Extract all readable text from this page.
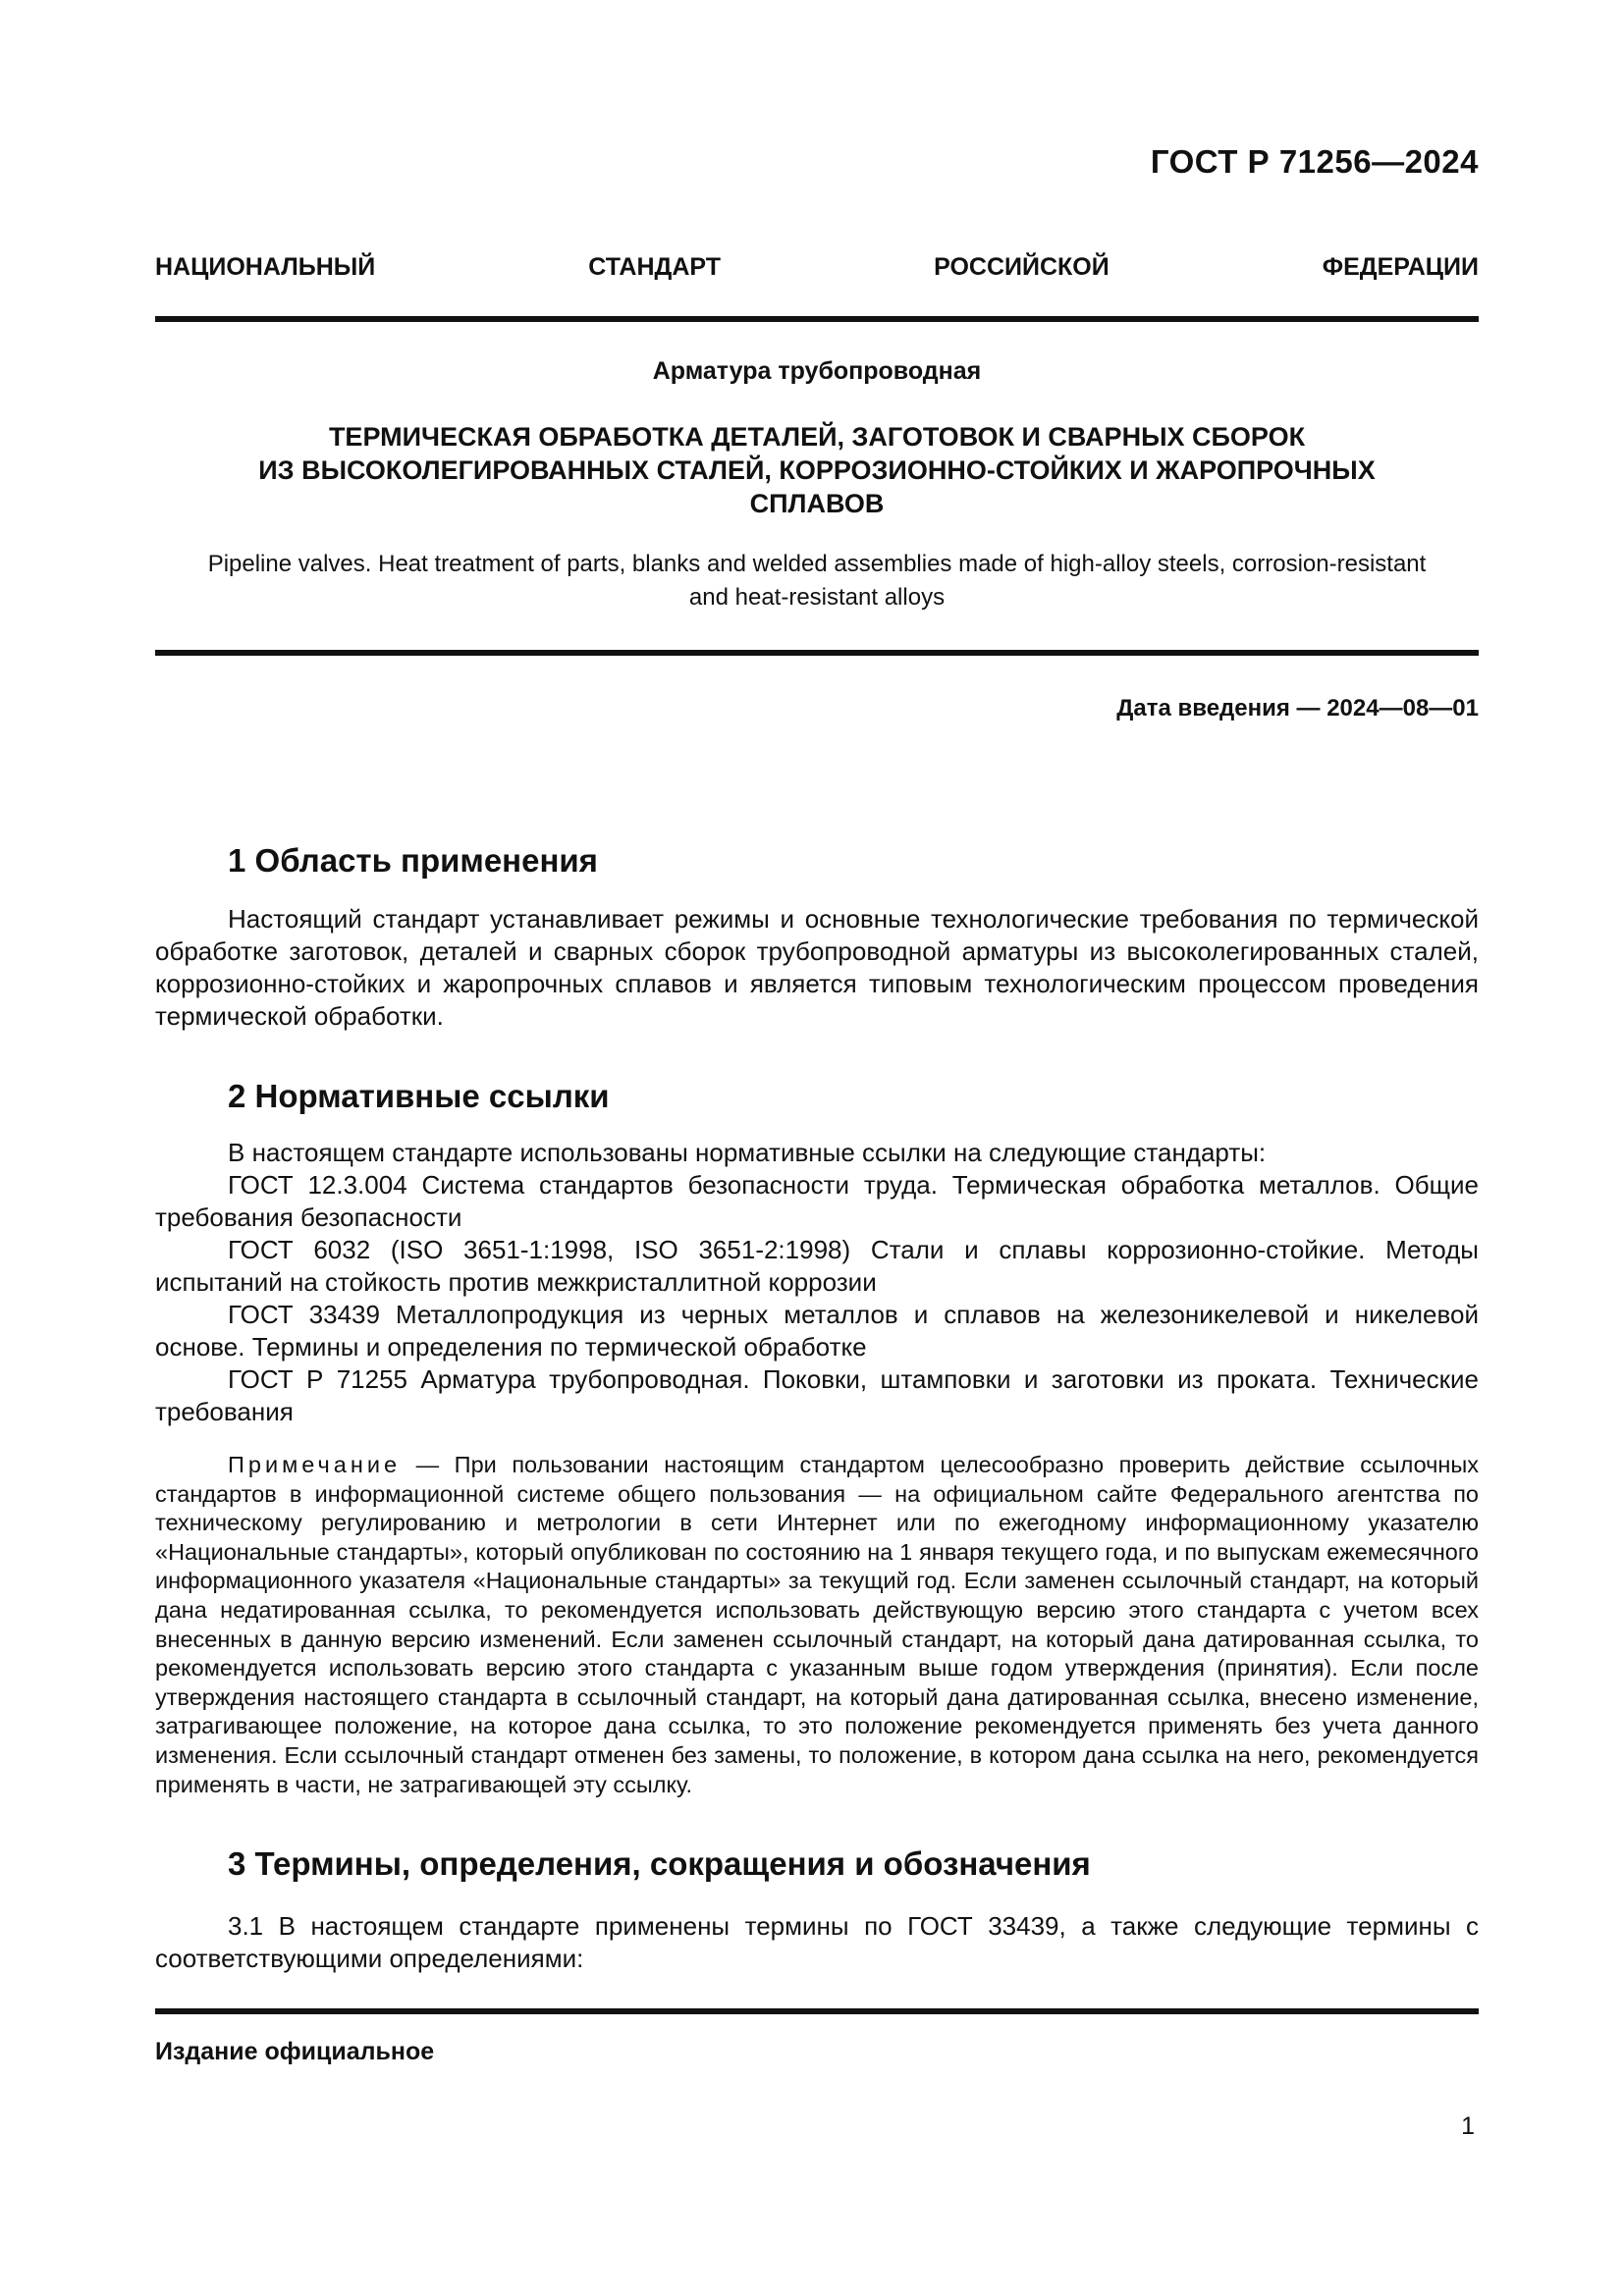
ГОСТ Р 71256—2024
НАЦИОНАЛЬНЫЙ СТАНДАРТ РОССИЙСКОЙ ФЕДЕРАЦИИ
Арматура трубопроводная
ТЕРМИЧЕСКАЯ ОБРАБОТКА ДЕТАЛЕЙ, ЗАГОТОВОК И СВАРНЫХ СБОРОК
ИЗ ВЫСОКОЛЕГИРОВАННЫХ СТАЛЕЙ, КОРРОЗИОННО-СТОЙКИХ И ЖАРОПРОЧНЫХ
СПЛАВОВ
Pipeline valves. Heat treatment of parts, blanks and welded assemblies made of high-alloy steels, corrosion-resistant
and heat-resistant alloys
Дата введения — 2024—08—01
1 Область применения

Настоящий стандарт устанавливает режимы и основные технологические требования по термической обработке заготовок, деталей и сварных сборок трубопроводной арматуры из высоколегированных сталей, коррозионно-стойких и жаропрочных сплавов и является типовым технологическим процессом проведения термической обработки.

2 Нормативные ссылки
В настоящем стандарте использованы нормативные ссылки на следующие стандарты:
ГОСТ 12.3.004 Система стандартов безопасности труда. Термическая обработка металлов. Общие требования безопасности
ГОСТ 6032 (ISO 3651-1:1998, ISO 3651-2:1998) Стали и сплавы коррозионно-стойкие. Методы испытаний на стойкость против межкристаллитной коррозии
ГОСТ 33439 Металлопродукция из черных металлов и сплавов на железоникелевой и никелевой основе. Термины и определения по термической обработке
ГОСТ Р 71255 Арматура трубопроводная. Поковки, штамповки и заготовки из проката. Технические требования

Примечание — При пользовании настоящим стандартом целесообразно проверить действие ссылочных стандартов в информационной системе общего пользования — на официальном сайте Федерального агентства по техническому регулированию и метрологии в сети Интернет или по ежегодному информационному указателю «Национальные стандарты», который опубликован по состоянию на 1 января текущего года, и по выпускам ежемесячного информационного указателя «Национальные стандарты» за текущий год. Если заменен ссылочный стандарт, на который дана недатированная ссылка, то рекомендуется использовать действующую версию этого стандарта с учетом всех внесенных в данную версию изменений. Если заменен ссылочный стандарт, на который дана датированная ссылка, то рекомендуется использовать версию этого стандарта с указанным выше годом утверждения (принятия). Если после утверждения настоящего стандарта в ссылочный стандарт, на который дана датированная ссылка, внесено изменение, затрагивающее положение, на которое дана ссылка, то это положение рекомендуется применять без учета данного изменения. Если ссылочный стандарт отменен без замены, то положение, в котором дана ссылка на него, рекомендуется применять в части, не затрагивающей эту ссылку.

3 Термины, определения, сокращения и обозначения

3.1 В настоящем стандарте применены термины по ГОСТ 33439, а также следующие термины с соответствующими определениями:

Издание официальное
1
